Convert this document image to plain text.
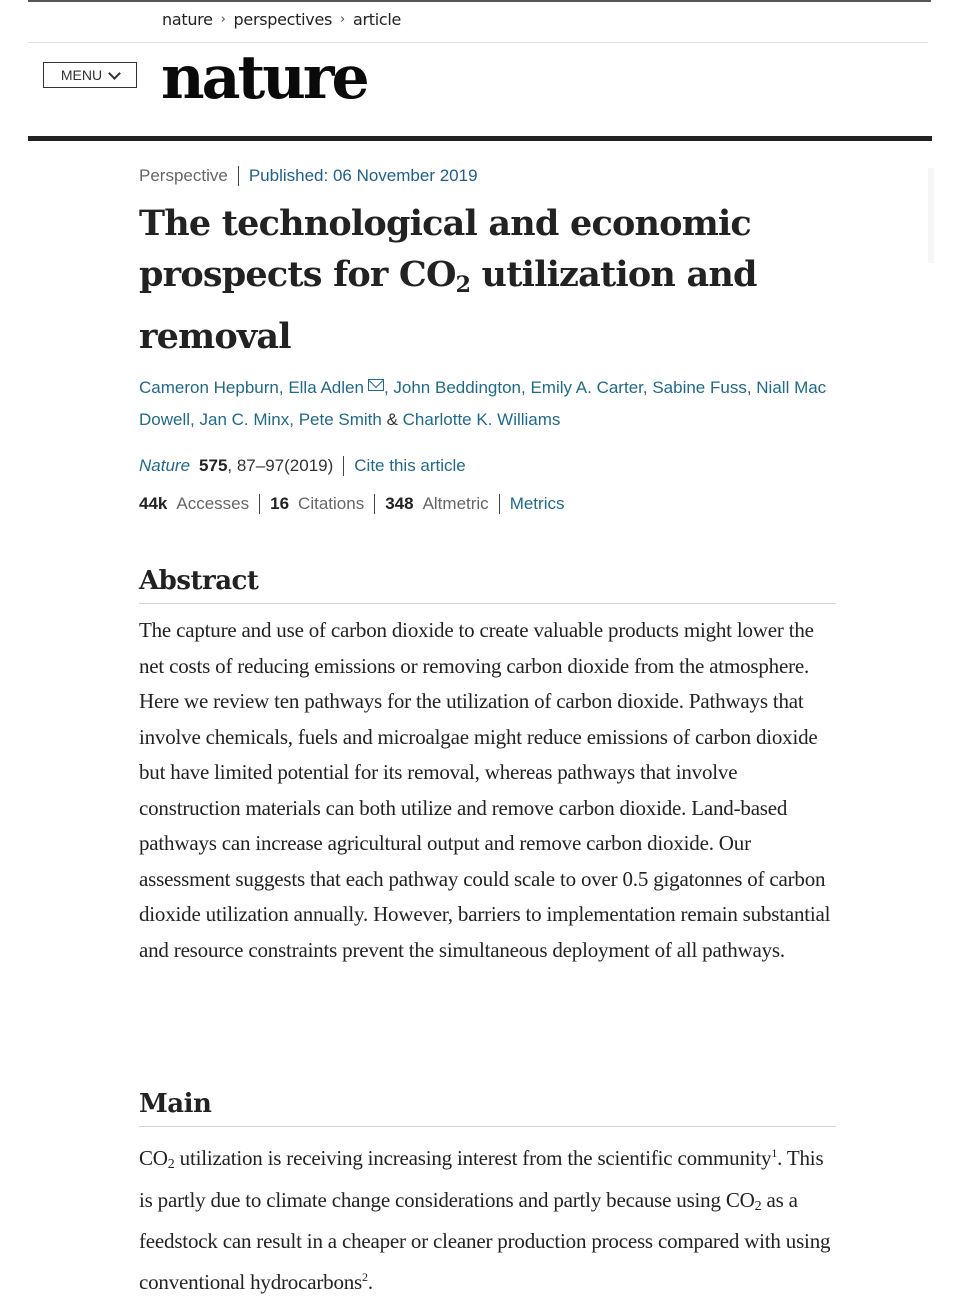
nature › perspectives › article
MENU nature
Perspective Published: 06 November 2019
The technological and economic
prospects for $CO_2$ utilization and
removal
Cameron Hepburn, Ella Adlen , John Beddington, Emily A. Carter, Sabine Fuss, Niall Mac Dowell, Jan C. Minx, Pete Smith & Charlotte K. Williams
Nature 575 , 87–97(2019) Cite this article
44k Accesses 16 Citations 348 Altmetric Metrics
Abstract

The capture and use of carbon dioxide to create valuable products might lower the net costs of reducing emissions or removing carbon dioxide from the atmosphere. Here we review ten pathways for the utilization of carbon dioxide. Pathways that involve chemicals, fuels and microalgae might reduce emissions of carbon dioxide but have limited potential for its removal, whereas pathways that involve construction materials can both utilize and remove carbon dioxide. Land-based pathways can increase agricultural output and remove carbon dioxide. Our assessment suggests that each pathway could scale to over 0.5 gigatonnes of carbon dioxide utilization annually. However, barriers to implementation remain substantial and resource constraints prevent the simultaneous deployment of all pathways.

Main

$CO_2$ utilization is receiving increasing interest from the scientific community$^1$. This is partly due to climate change considerations and partly because using $CO_2$ as a feedstock can result in a cheaper or cleaner production process compared with using conventional hydrocarbons$^2$.
